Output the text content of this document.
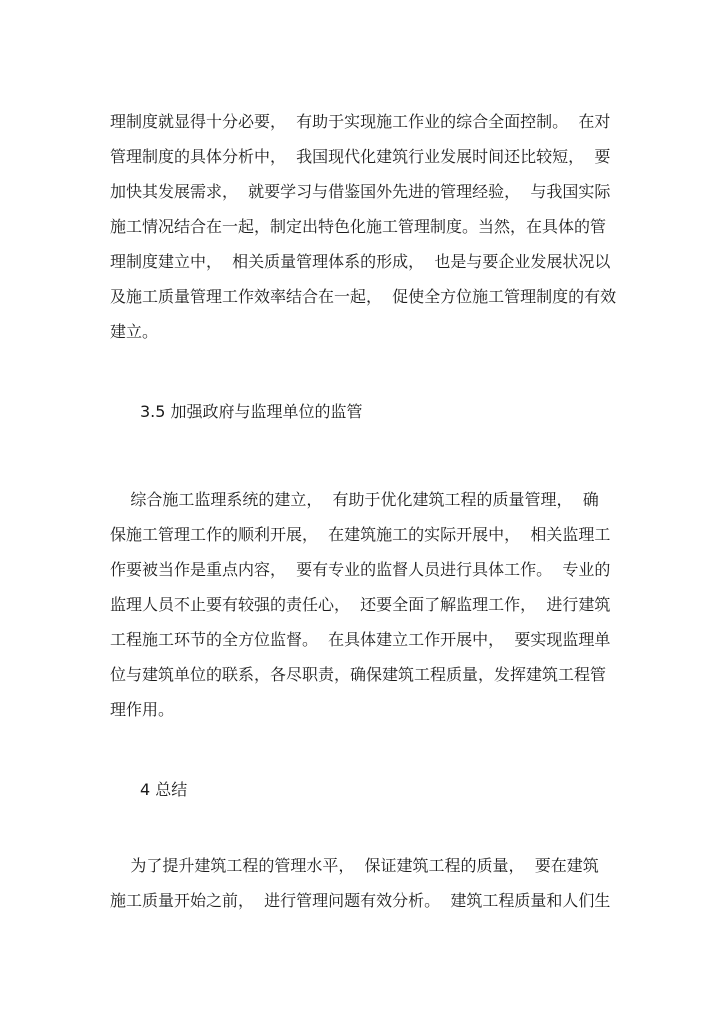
理制度就显得十分必要，  有助于实现施工作业的综合全面控制。  在对
管理制度的具体分析中，  我国现代化建筑行业发展时间还比较短，  要
加快其发展需求，  就要学习与借鉴国外先进的管理经验，  与我国实际
施工情况结合在一起，制定出特色化施工管理制度。当然，在具体的管
理制度建立中，  相关质量管理体系的形成，  也是与要企业发展状况以
及施工质量管理工作效率结合在一起，  促使全方位施工管理制度的有效
建立。
3.5 加强政府与监理单位的监管
综合施工监理系统的建立，  有助于优化建筑工程的质量管理，  确
保施工管理工作的顺利开展，  在建筑施工的实际开展中，  相关监理工
作要被当作是重点内容，  要有专业的监督人员进行具体工作。  专业的
监理人员不止要有较强的责任心，  还要全面了解监理工作，  进行建筑
工程施工环节的全方位监督。  在具体建立工作开展中，  要实现监理单
位与建筑单位的联系，各尽职责，确保建筑工程质量，发挥建筑工程管
理作用。
4 总结
为了提升建筑工程的管理水平，  保证建筑工程的质量，  要在建筑
施工质量开始之前，  进行管理问题有效分析。  建筑工程质量和人们生
